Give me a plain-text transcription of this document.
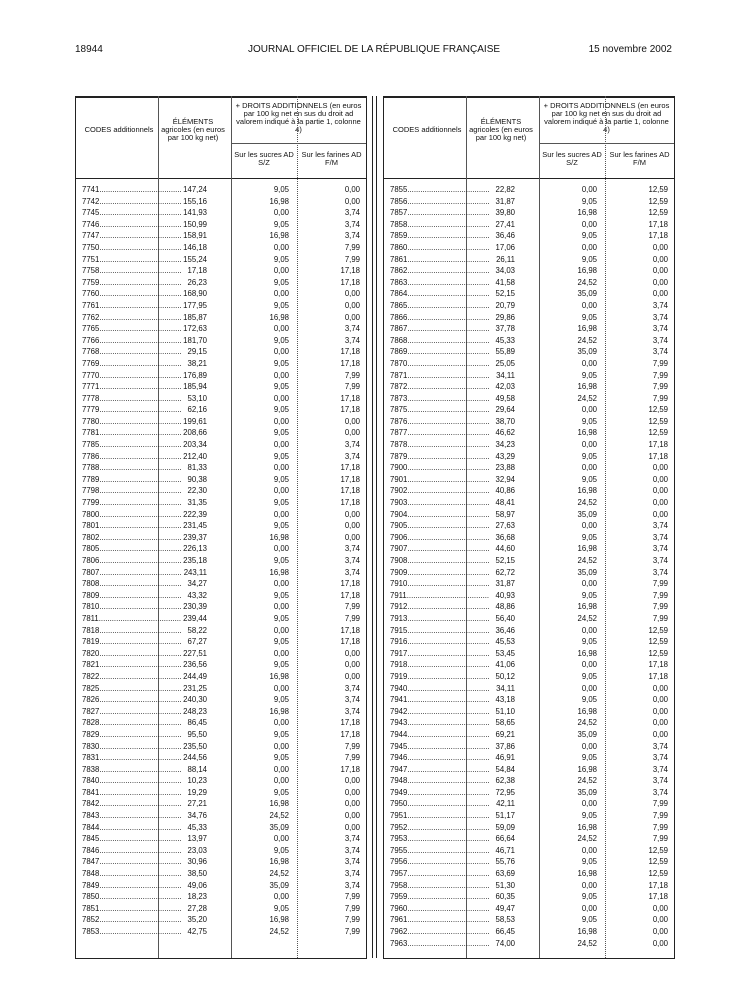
18944	JOURNAL OFFICIEL DE LA RÉPUBLIQUE FRANÇAISE	15 novembre 2002
CODES additionnels
ÉLÉMENTS agricoles (en euros par 100 kg net)
+ DROITS ADDITIONNELS (en euros par 100 kg net en sus du droit ad valorem indiqué à la partie 1, colonne 4)
Sur les sucres AD S/Z
Sur les farines AD F/M
7741...................................... 147,24	9,05	0,00
7742...................................... 155,16	16,98	0,00
7745...................................... 141,93	0,00	3,74
7746...................................... 150,99	9,05	3,74
7747...................................... 158,91	16,98	3,74
7750...................................... 146,18	0,00	7,99
7751...................................... 155,24	9,05	7,99
7758...................................... 17,18	0,00	17,18
7759...................................... 26,23	9,05	17,18
7760...................................... 168,90	0,00	0,00
7761...................................... 177,95	9,05	0,00
7762...................................... 185,87	16,98	0,00
7765...................................... 172,63	0,00	3,74
7766...................................... 181,70	9,05	3,74
7768...................................... 29,15	0,00	17,18
7769...................................... 38,21	9,05	17,18
7770...................................... 176,89	0,00	7,99
7771...................................... 185,94	9,05	7,99
7778...................................... 53,10	0,00	17,18
7779...................................... 62,16	9,05	17,18
7780...................................... 199,61	0,00	0,00
7781...................................... 208,66	9,05	0,00
7785...................................... 203,34	0,00	3,74
7786...................................... 212,40	9,05	3,74
7788...................................... 81,33	0,00	17,18
7789...................................... 90,38	9,05	17,18
7798...................................... 22,30	0,00	17,18
7799...................................... 31,35	9,05	17,18
7800...................................... 222,39	0,00	0,00
7801...................................... 231,45	9,05	0,00
7802...................................... 239,37	16,98	0,00
7805...................................... 226,13	0,00	3,74
7806...................................... 235,18	9,05	3,74
7807...................................... 243,11	16,98	3,74
7808...................................... 34,27	0,00	17,18
7809...................................... 43,32	9,05	17,18
7810...................................... 230,39	0,00	7,99
7811...................................... 239,44	9,05	7,99
7818...................................... 58,22	0,00	17,18
7819...................................... 67,27	9,05	17,18
7820...................................... 227,51	0,00	0,00
7821...................................... 236,56	9,05	0,00
7822...................................... 244,49	16,98	0,00
7825...................................... 231,25	0,00	3,74
7826...................................... 240,30	9,05	3,74
7827...................................... 248,23	16,98	3,74
7828...................................... 86,45	0,00	17,18
7829...................................... 95,50	9,05	17,18
7830...................................... 235,50	0,00	7,99
7831...................................... 244,56	9,05	7,99
7838...................................... 88,14	0,00	17,18
7840...................................... 10,23	0,00	0,00
7841...................................... 19,29	9,05	0,00
7842...................................... 27,21	16,98	0,00
7843...................................... 34,76	24,52	0,00
7844...................................... 45,33	35,09	0,00
7845...................................... 13,97	0,00	3,74
7846...................................... 23,03	9,05	3,74
7847...................................... 30,96	16,98	3,74
7848...................................... 38,50	24,52	3,74
7849...................................... 49,06	35,09	3,74
7850...................................... 18,23	0,00	7,99
7851...................................... 27,28	9,05	7,99
7852...................................... 35,20	16,98	7,99
7853...................................... 42,75	24,52	7,99
CODES additionnels
ÉLÉMENTS agricoles (en euros par 100 kg net)
+ DROITS ADDITIONNELS (en euros par 100 kg net en sus du droit ad valorem indiqué à la partie 1, colonne 4)
Sur les sucres AD S/Z
Sur les farines AD F/M
7855...................................... 22,82	0,00	12,59
7856...................................... 31,87	9,05	12,59
7857...................................... 39,80	16,98	12,59
7858...................................... 27,41	0,00	17,18
7859...................................... 36,46	9,05	17,18
7860...................................... 17,06	0,00	0,00
7861...................................... 26,11	9,05	0,00
7862...................................... 34,03	16,98	0,00
7863...................................... 41,58	24,52	0,00
7864...................................... 52,15	35,09	0,00
7865...................................... 20,79	0,00	3,74
7866...................................... 29,86	9,05	3,74
7867...................................... 37,78	16,98	3,74
7868...................................... 45,33	24,52	3,74
7869...................................... 55,89	35,09	3,74
7870...................................... 25,05	0,00	7,99
7871...................................... 34,11	9,05	7,99
7872...................................... 42,03	16,98	7,99
7873...................................... 49,58	24,52	7,99
7875...................................... 29,64	0,00	12,59
7876...................................... 38,70	9,05	12,59
7877...................................... 46,62	16,98	12,59
7878...................................... 34,23	0,00	17,18
7879...................................... 43,29	9,05	17,18
7900...................................... 23,88	0,00	0,00
7901...................................... 32,94	9,05	0,00
7902...................................... 40,86	16,98	0,00
7903...................................... 48,41	24,52	0,00
7904...................................... 58,97	35,09	0,00
7905...................................... 27,63	0,00	3,74
7906...................................... 36,68	9,05	3,74
7907...................................... 44,60	16,98	3,74
7908...................................... 52,15	24,52	3,74
7909...................................... 62,72	35,09	3,74
7910...................................... 31,87	0,00	7,99
7911...................................... 40,93	9,05	7,99
7912...................................... 48,86	16,98	7,99
7913...................................... 56,40	24,52	7,99
7915...................................... 36,46	0,00	12,59
7916...................................... 45,53	9,05	12,59
7917...................................... 53,45	16,98	12,59
7918...................................... 41,06	0,00	17,18
7919...................................... 50,12	9,05	17,18
7940...................................... 34,11	0,00	0,00
7941...................................... 43,18	9,05	0,00
7942...................................... 51,10	16,98	0,00
7943...................................... 58,65	24,52	0,00
7944...................................... 69,21	35,09	0,00
7945...................................... 37,86	0,00	3,74
7946...................................... 46,91	9,05	3,74
7947...................................... 54,84	16,98	3,74
7948...................................... 62,38	24,52	3,74
7949...................................... 72,95	35,09	3,74
7950...................................... 42,11	0,00	7,99
7951...................................... 51,17	9,05	7,99
7952...................................... 59,09	16,98	7,99
7953...................................... 66,64	24,52	7,99
7955...................................... 46,71	0,00	12,59
7956...................................... 55,76	9,05	12,59
7957...................................... 63,69	16,98	12,59
7958...................................... 51,30	0,00	17,18
7959...................................... 60,35	9,05	17,18
7960...................................... 49,47	0,00	0,00
7961...................................... 58,53	9,05	0,00
7962...................................... 66,45	16,98	0,00
7963...................................... 74,00	24,52	0,00
